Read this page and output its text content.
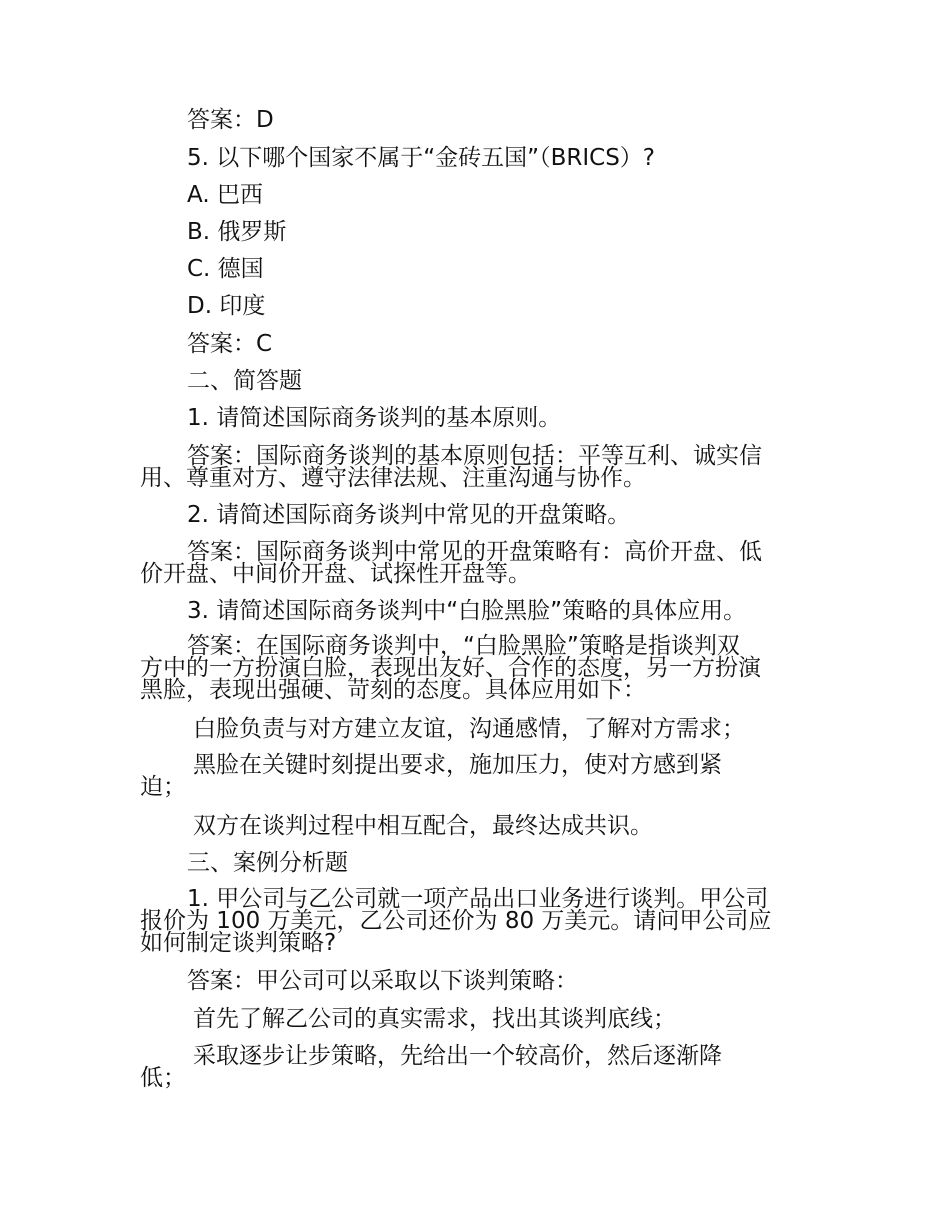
答案：D
5. 以下哪个国家不属于“金砖五国”（BRICS）?
A. 巴西
B. 俄罗斯
C. 德国
D. 印度
答案：C
二、简答题
1. 请简述国际商务谈判的基本原则。
答案：国际商务谈判的基本原则包括：平等互利、诚实信
用、尊重对方、遵守法律法规、注重沟通与协作。
2. 请简述国际商务谈判中常见的开盘策略。
答案：国际商务谈判中常见的开盘策略有：高价开盘、低
价开盘、中间价开盘、试探性开盘等。
3. 请简述国际商务谈判中“白脸黑脸”策略的具体应用。
答案：在国际商务谈判中，“白脸黑脸”策略是指谈判双
方中的一方扮演白脸，表现出友好、合作的态度，另一方扮演
黑脸，表现出强硬、苛刻的态度。具体应用如下：
白脸负责与对方建立友谊，沟通感情，了解对方需求；
黑脸在关键时刻提出要求，施加压力，使对方感到紧
迫；
双方在谈判过程中相互配合，最终达成共识。
三、案例分析题
1. 甲公司与乙公司就一项产品出口业务进行谈判。甲公司
报价为 100 万美元，乙公司还价为 80 万美元。请问甲公司应
如何制定谈判策略?
答案：甲公司可以采取以下谈判策略：
首先了解乙公司的真实需求，找出其谈判底线；
采取逐步让步策略，先给出一个较高价，然后逐渐降
低；
